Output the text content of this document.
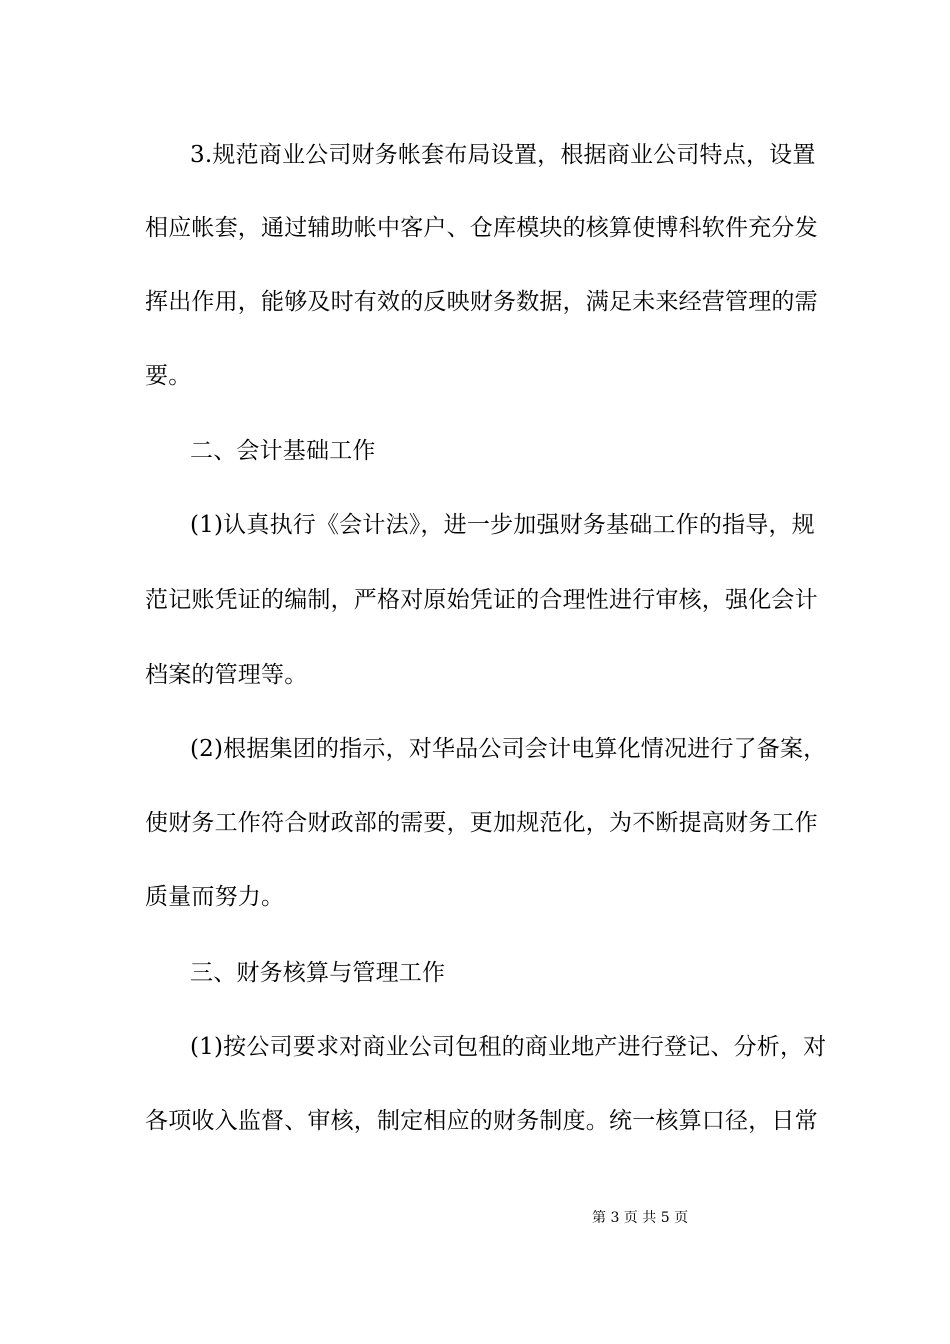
3.规范商业公司财务帐套布局设置，根据商业公司特点，设置
相应帐套，通过辅助帐中客户、仓库模块的核算使博科软件充分发
挥出作用，能够及时有效的反映财务数据，满足未来经营管理的需
要。
二、会计基础工作
(1)认真执行《会计法》，进一步加强财务基础工作的指导，规
范记账凭证的编制，严格对原始凭证的合理性进行审核，强化会计
档案的管理等。
(2)根据集团的指示，对华品公司会计电算化情况进行了备案，
使财务工作符合财政部的需要，更加规范化，为不断提高财务工作
质量而努力。
三、财务核算与管理工作
(1)按公司要求对商业公司包租的商业地产进行登记、分析，对
各项收入监督、审核，制定相应的财务制度。统一核算口径，日常
第 3 页 共 5 页
